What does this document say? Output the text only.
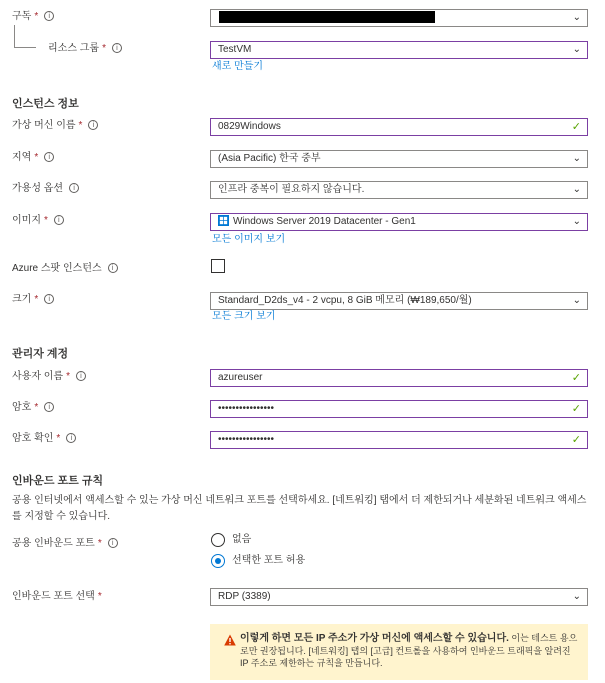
구독 * i	⌄
리소스 그룹 * i	TestVM	⌄
새로 만들기
인스턴스 정보
가상 머신 이름 * i	0829Windows	✓
지역 * i	(Asia Pacific) 한국 중부	⌄
가용성 옵션 i	인프라 중복이 필요하지 않습니다.	⌄
이미지 * i	Windows Server 2019 Datacenter - Gen1	⌄
모든 이미지 보기
Azure 스팟 인스턴스 i
크기 * i	Standard_D2ds_v4 - 2 vcpu, 8 GiB 메모리 (₩189,650/월)	⌄
모든 크기 보기
관리자 계정
사용자 이름 * i	azureuser	✓
암호 * i	••••••••••••••••	✓
암호 확인 * i	••••••••••••••••	✓
인바운드 포트 규칙
공용 인터넷에서 액세스할 수 있는 가상 머신 네트워크 포트를 선택하세요. [네트워킹] 탭에서 더 제한되거나 세분화된 네트워크 액세스를 지정할 수 있습니다.
공용 인바운드 포트 * i	없음
선택한 포트 허용
인바운드 포트 선택 *	RDP (3389)	⌄
이렇게 하면 모든 IP 주소가 가상 머신에 액세스할 수 있습니다. 이는 테스트 용으로만 권장됩니다. [네트워킹] 탭의 [고급] 컨트롤을 사용하여 인바운드 트래픽을 알려진 IP 주소로 제한하는 규칙을 만듭니다.
